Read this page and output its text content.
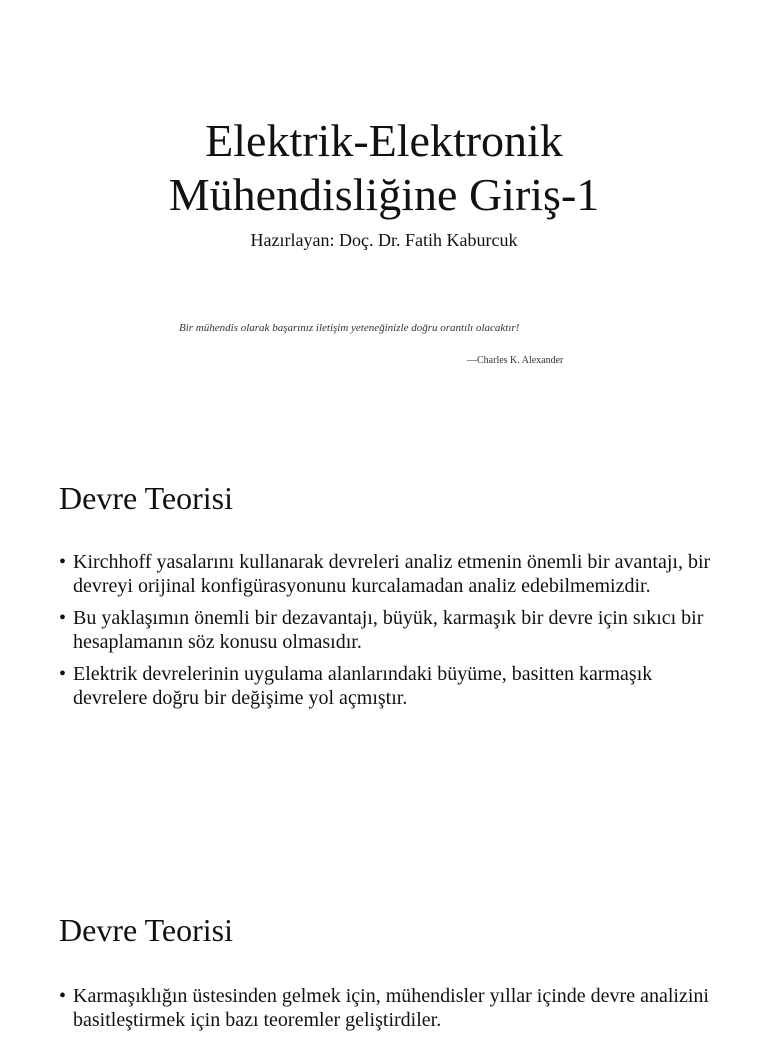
Elektrik-Elektronik
Mühendisliğine Giriş-1

Hazırlayan: Doç. Dr. Fatih Kaburcuk

Bir mühendis olarak başarınız iletişim yeteneğinizle doğru orantılı olacaktır!
—Charles K. Alexander
Devre Teorisi
• Kirchhoff yasalarını kullanarak devreleri analiz etmenin önemli bir avantajı, bir devreyi orijinal konfigürasyonunu kurcalamadan analiz edebilmemizdir.
• Bu yaklaşımın önemli bir dezavantajı, büyük, karmaşık bir devre için sıkıcı bir hesaplamanın söz konusu olmasıdır.
• Elektrik devrelerinin uygulama alanlarındaki büyüme, basitten karmaşık devrelere doğru bir değişime yol açmıştır.
Devre Teorisi
• Karmaşıklığın üstesinden gelmek için, mühendisler yıllar içinde devre analizini basitleştirmek için bazı teoremler geliştirdiler.
